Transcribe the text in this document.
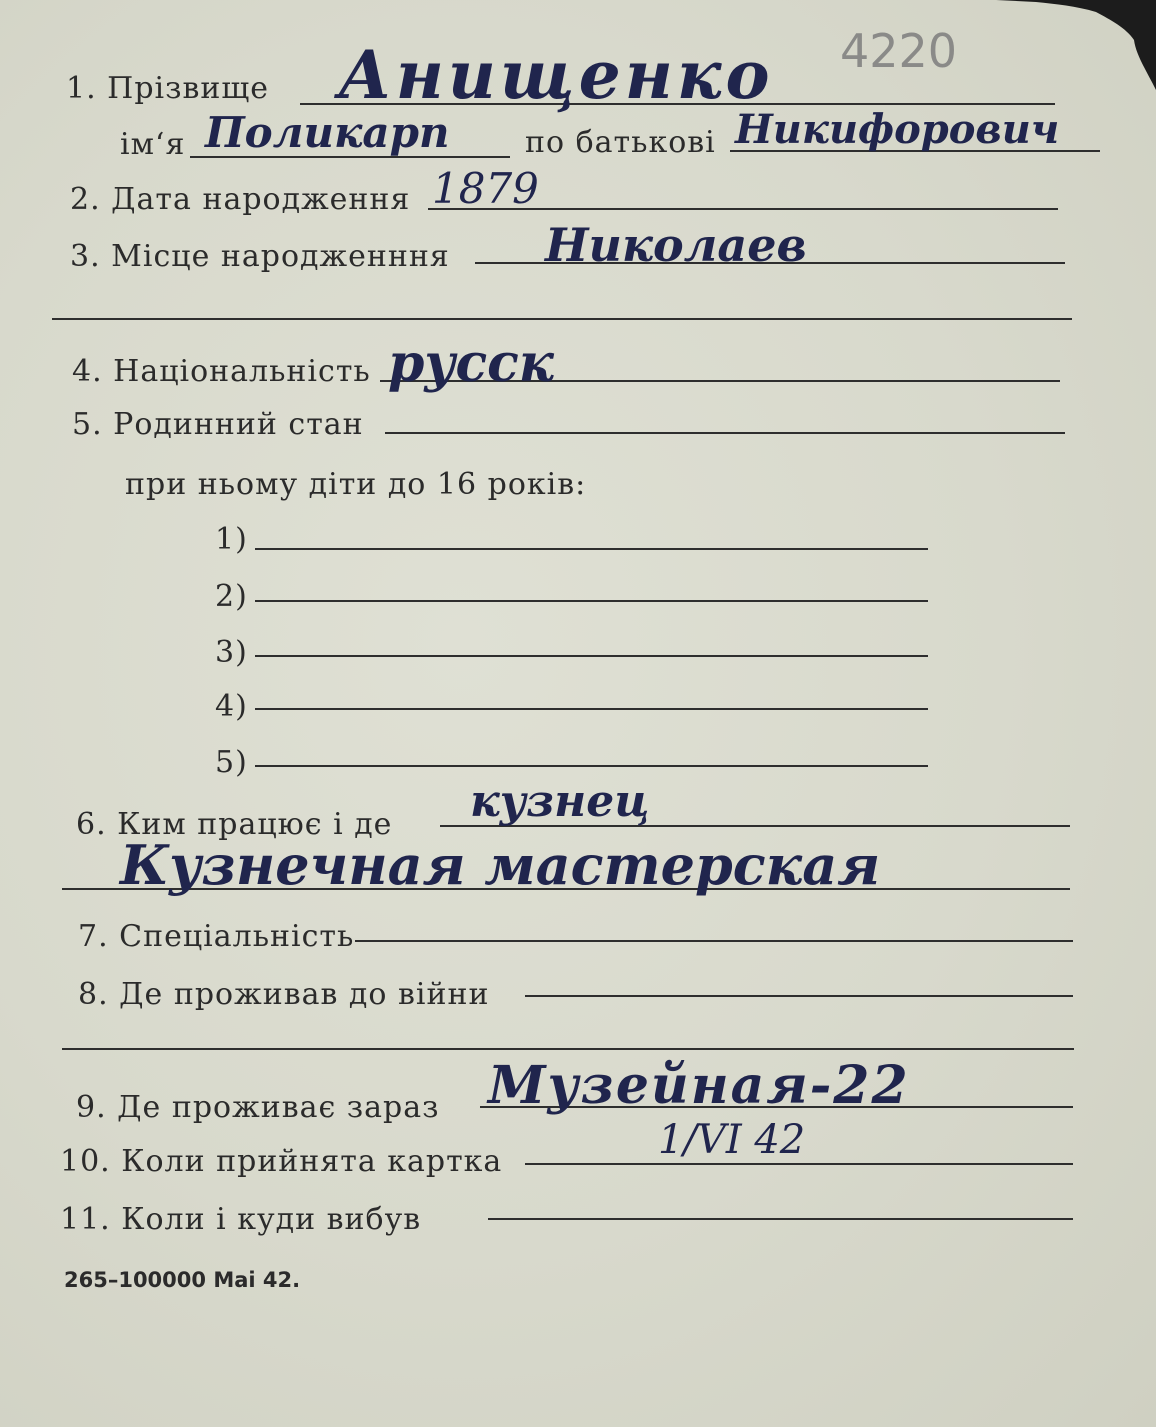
1. Прізвище Анищенко 4220
ім‘я Поликарп	по батькові Никифорович
2. Дата народження 1879
3. Місце народженння Николаев
4. Національність русск
5. Родинний стан
при ньому діти до 16 років:
1)
2)
3)
4)
5)
6. Ким працює і де кузнец
Кузнечная мастерская
7. Спеціальність
8. Де проживав до війни
9. Де проживає зараз Музейная-22
10. Коли прийнята картка	1/VI 42
11. Коли і куди вибув
265–100000 Mai 42.
